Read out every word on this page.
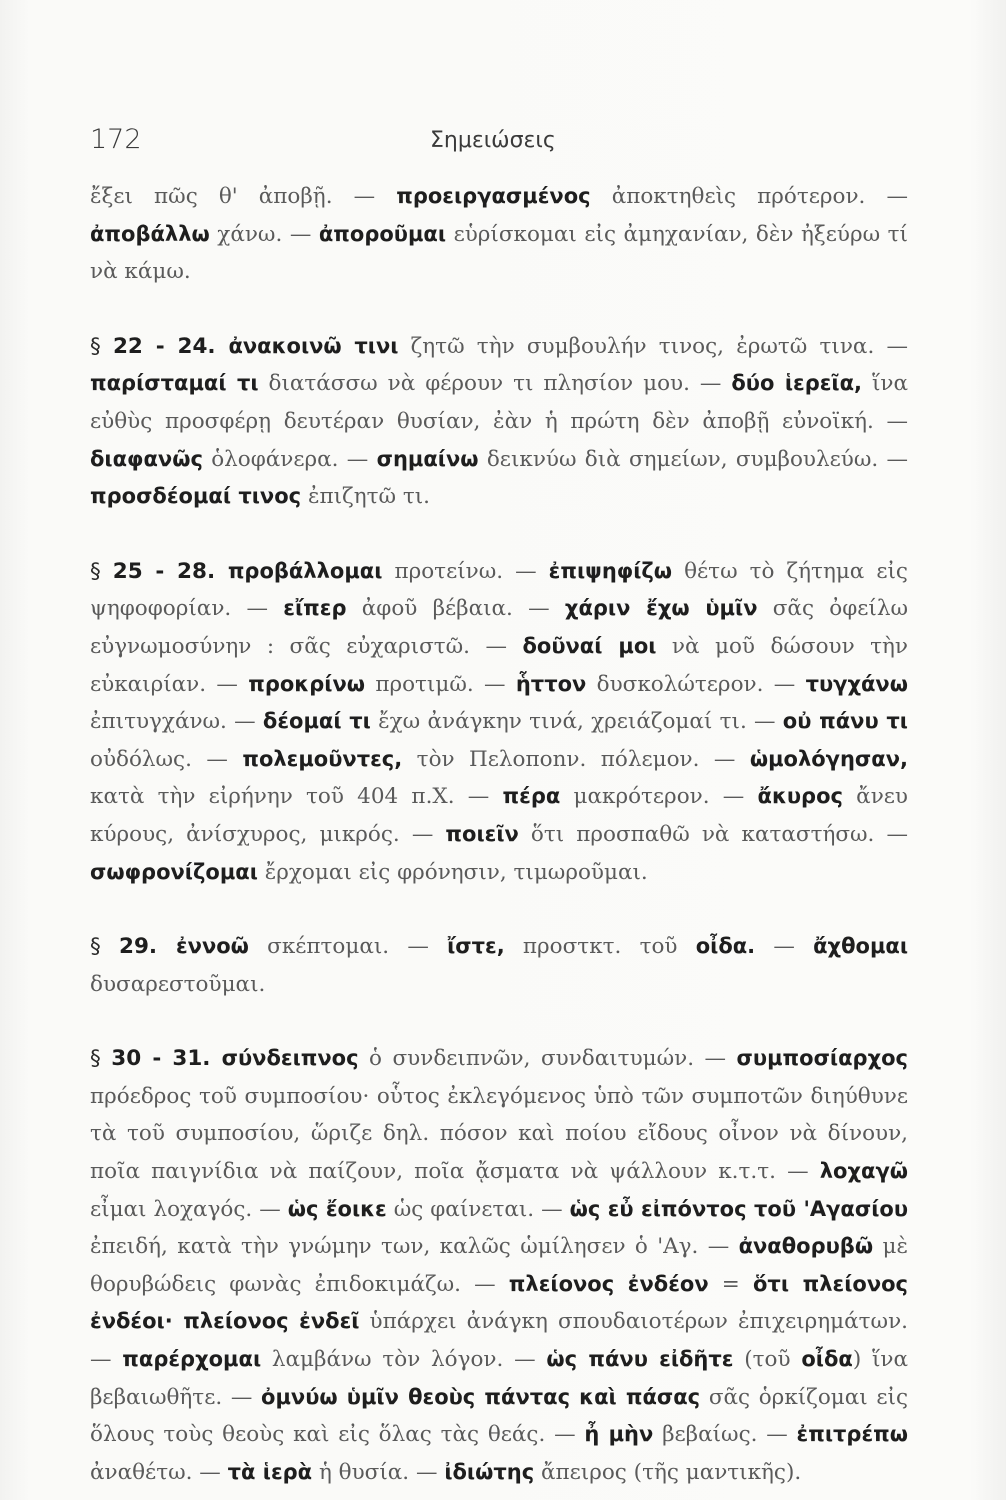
172	Σημειώσεις

ἔξει πῶς θ' ἀποβῇ. — προειργασμένος ἀποκτηθεὶς πρότερον. — ἀποβάλλω χάνω. — ἀποροῦμαι εὑρίσκομαι εἰς ἀμηχανίαν, δὲν ἠξεύρω τί νὰ κάμω.

§ 22 - 24. ἀνακοινῶ τινι ζητῶ τὴν συμβουλήν τινος, ἐρωτῶ τινα. — παρίσταμαί τι διατάσσω νὰ φέρουν τι πλησίον μου. — δύο ἱερεῖα, ἵνα εὐθὺς προσφέρῃ δευτέραν θυσίαν, ἐὰν ἡ πρώτη δὲν ἀποβῇ εὐνοϊκή. — διαφανῶς ὁλοφάνερα. — σημαίνω δεικνύω διὰ σημείων, συμβουλεύω. — προσδέομαί τινος ἐπιζητῶ τι.

§ 25 - 28. προβάλλομαι προτείνω. — ἐπιψηφίζω θέτω τὸ ζήτημα εἰς ψηφοφορίαν. — εἴπερ ἀφοῦ βέβαια. — χάριν ἔχω ὑμῖν σᾶς ὀφείλω εὐγνωμοσύνην : σᾶς εὐχαριστῶ. — δοῦναί μοι νὰ μοῦ δώσουν τὴν εὐκαιρίαν. — προκρίνω προτιμῶ. — ἧττον δυσκολώτερον. — τυγχάνω ἐπιτυγχάνω. — δέομαί τι ἔχω ἀνάγκην τινά, χρειάζομαί τι. — οὐ πάνυ τι οὐδόλως. — πολεμοῦντες, τὸν Πελοποnν. πόλεμον. — ὡμολόγησαν, κατὰ τὴν εἰρήνην τοῦ 404 π.Χ. — πέρα μακρότερον. — ἄκυρος ἄνευ κύρους, ἀνίσχυρος, μικρός. — ποιεῖν ὅτι προσπαθῶ νὰ καταστήσω. — σωφρονίζομαι ἔρχομαι εἰς φρόνησιν, τιμωροῦμαι.

§ 29. ἐννοῶ σκέπτομαι. — ἴστε, προστκτ. τοῦ οἶδα. — ἄχθομαι δυσαρεστοῦμαι.

§ 30 - 31. σύνδειπνος ὁ συνδειπνῶν, συνδαιτυμών. — συμποσίαρχος πρόεδρος τοῦ συμποσίου· οὗτος ἐκλεγόμενος ὑπὸ τῶν συμποτῶν διηύθυνε τὰ τοῦ συμποσίου, ὥριζε δηλ. πόσον καὶ ποίου εἴδους οἶνον νὰ δίνουν, ποῖα παιγνίδια νὰ παίζουν, ποῖα ᾄσματα νὰ ψάλλουν κ.τ.τ. — λοχαγῶ εἶμαι λοχαγός. — ὡς ἔοικε ὡς φαίνεται. — ὡς εὖ εἰπόντος τοῦ 'Αγασίου ἐπειδή, κατὰ τὴν γνώμην των, καλῶς ὡμίλησεν ὁ 'Αγ. — ἀναθορυβῶ μὲ θορυβώδεις φωνὰς ἐπιδοκιμάζω. — πλείονος ἐνδέον = ὅτι πλείονος ἐνδέοι· πλείονος ἐνδεῖ ὑπάρχει ἀνάγκη σπουδαιοτέρων ἐπιχειρημάτων. — παρέρχομαι λαμβάνω τὸν λόγον. — ὡς πάνυ εἰδῆτε (τοῦ οἶδα) ἵνα βεβαιωθῆτε. — ὀμνύω ὑμῖν θεοὺς πάντας καὶ πάσας σᾶς ὁρκίζομαι εἰς ὅλους τοὺς θεοὺς καὶ εἰς ὅλας τὰς θεάς. — ἦ μὴν βεβαίως. — ἐπιτρέπω ἀναθέτω. — τὰ ἱερὰ ἡ θυσία. — ἰδιώτης ἄπειρος (τῆς μαντικῆς).
